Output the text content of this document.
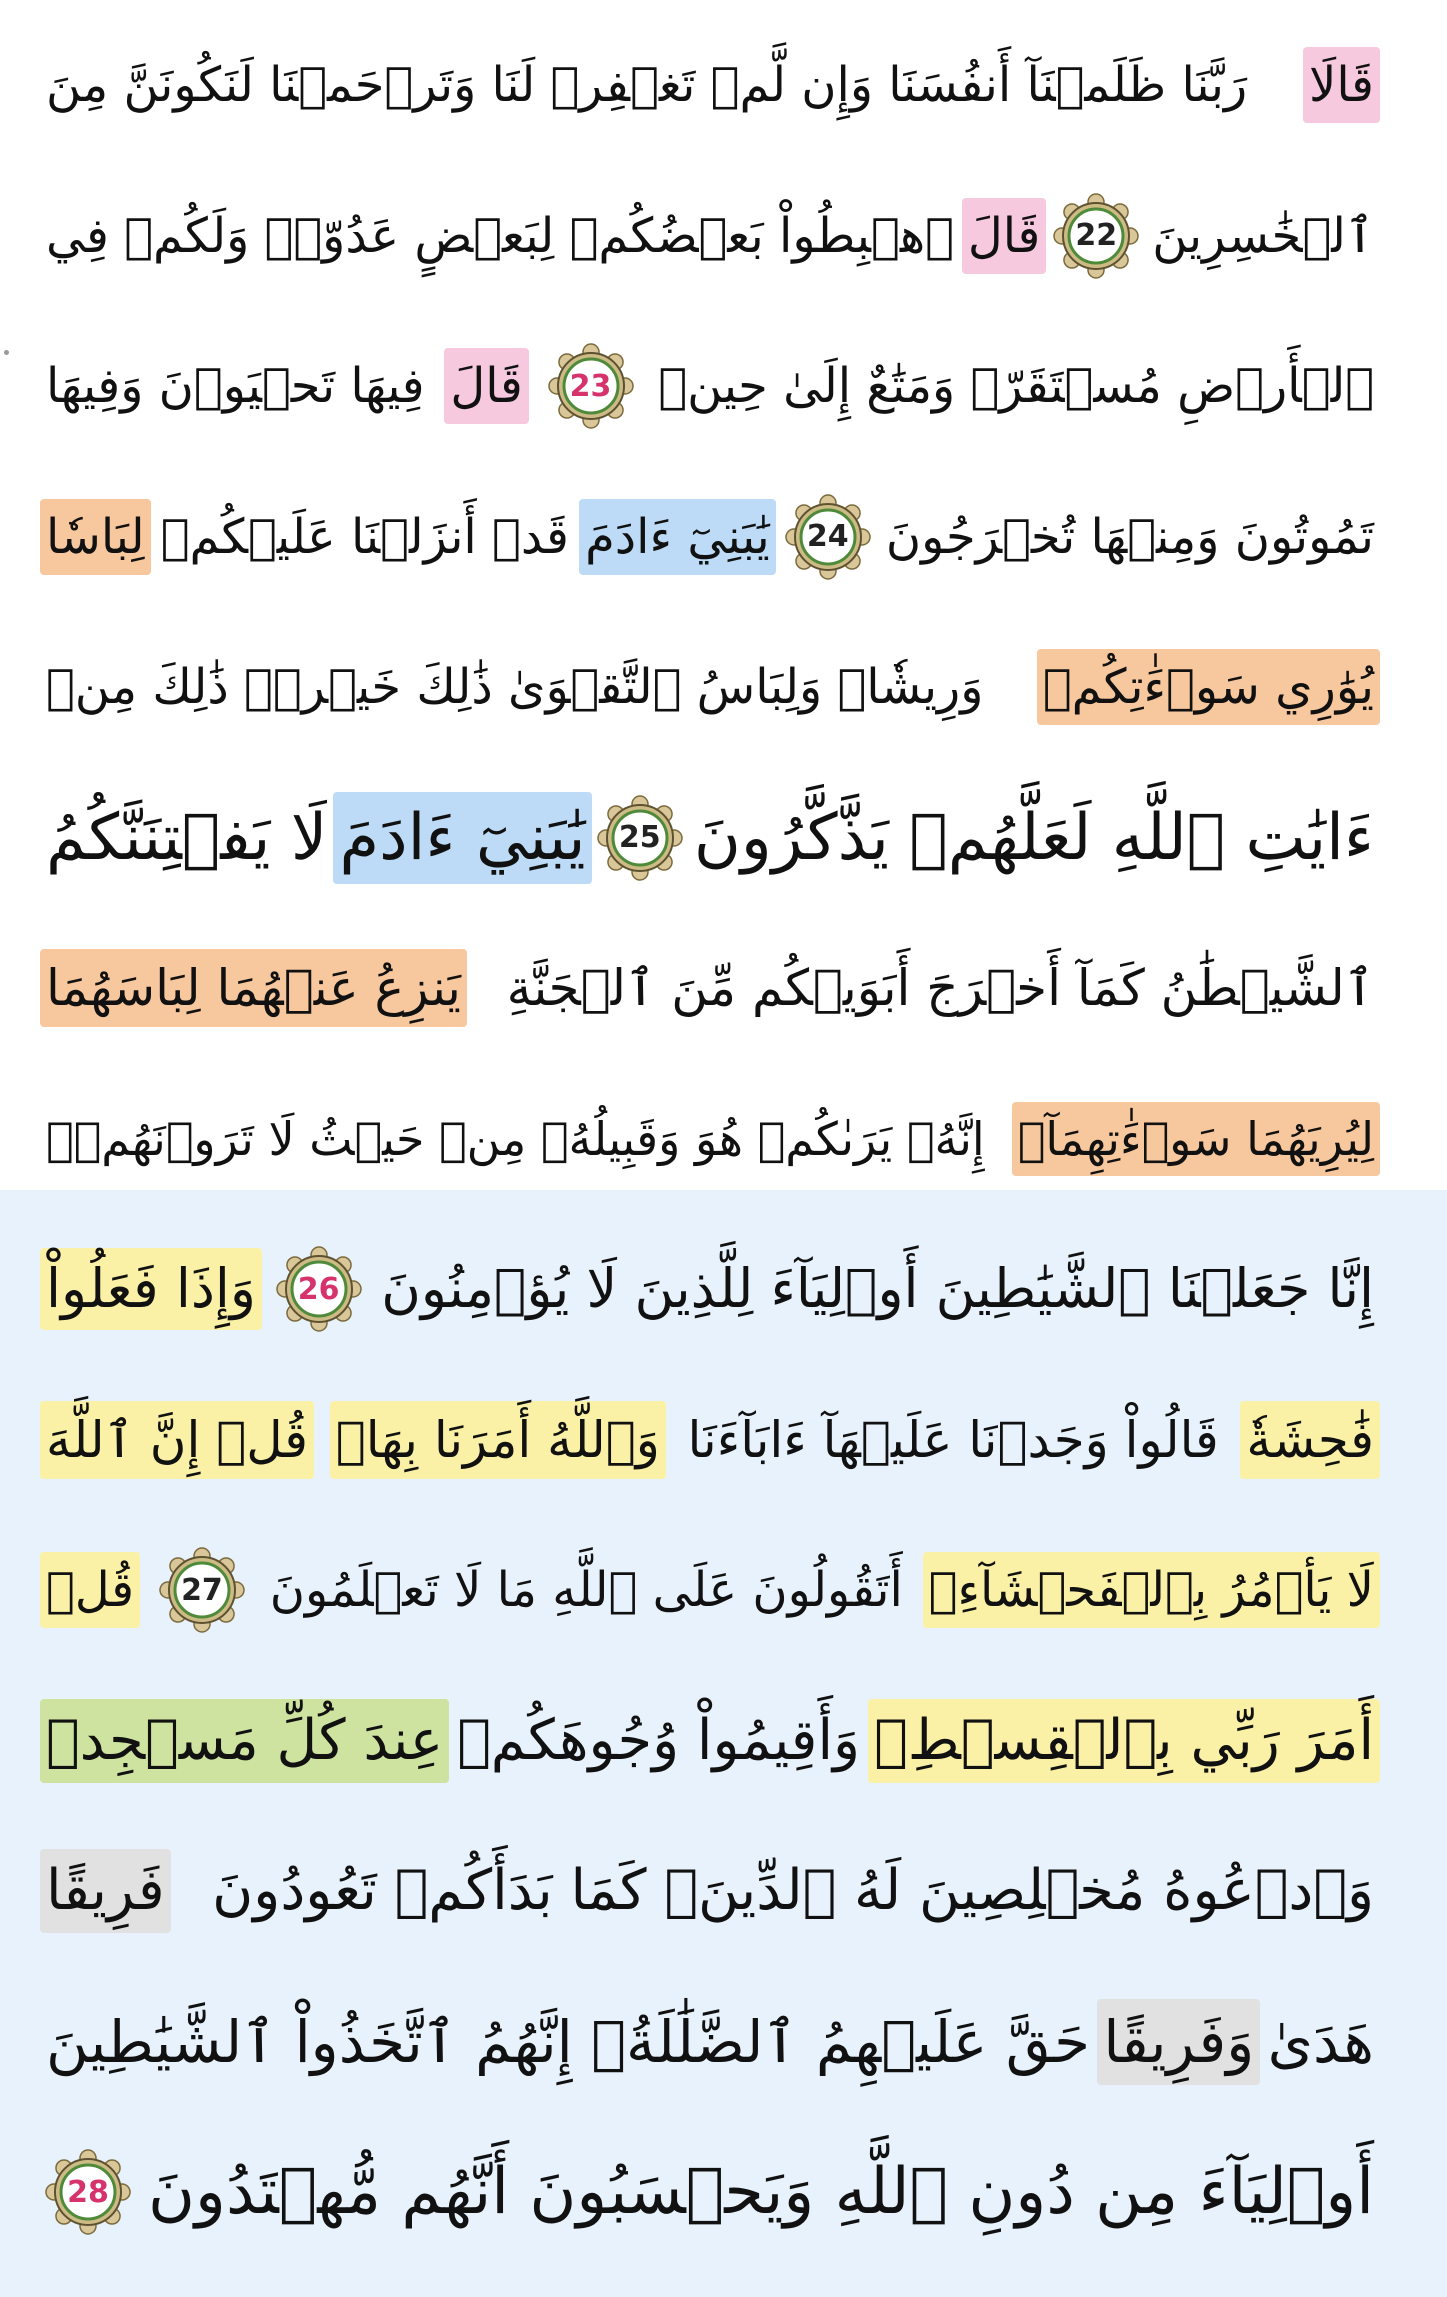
قَالَا
رَبَّنَا ظَلَمۡنَآ أَنفُسَنَا وَإِن لَّمۡ تَغۡفِرۡ لَنَا وَتَرۡحَمۡنَا لَنَكُونَنَّ مِنَ
ٱلۡخَٰسِرِينَ
22
قَالَ
ٱهۡبِطُواْ بَعۡضُكُمۡ لِبَعۡضٍ عَدُوّٞۖ وَلَكُمۡ فِي
ٱلۡأَرۡضِ مُسۡتَقَرّٞ وَمَتَٰعٌ إِلَىٰ حِينٖ
23
قَالَ
فِيهَا تَحۡيَوۡنَ وَفِيهَا
تَمُوتُونَ وَمِنۡهَا تُخۡرَجُونَ
24
يَٰبَنِيٓ ءَادَمَ
قَدۡ أَنزَلۡنَا عَلَيۡكُمۡ
لِبَاسٗا
يُوَٰرِي سَوۡءَٰتِكُمۡ
وَرِيشٗاۖ وَلِبَاسُ ٱلتَّقۡوَىٰ ذَٰلِكَ خَيۡرٞۚ ذَٰلِكَ مِنۡ
ءَايَٰتِ ٱللَّهِ لَعَلَّهُمۡ يَذَّكَّرُونَ
25
يَٰبَنِيٓ ءَادَمَ
لَا يَفۡتِنَنَّكُمُ
ٱلشَّيۡطَٰنُ كَمَآ أَخۡرَجَ أَبَوَيۡكُم مِّنَ ٱلۡجَنَّةِ
يَنزِعُ عَنۡهُمَا لِبَاسَهُمَا
لِيُرِيَهُمَا سَوۡءَٰتِهِمَآۚ
إِنَّهُۥ يَرَىٰكُمۡ هُوَ وَقَبِيلُهُۥ مِنۡ حَيۡثُ لَا تَرَوۡنَهُمۡۗ
إِنَّا جَعَلۡنَا ٱلشَّيَٰطِينَ أَوۡلِيَآءَ لِلَّذِينَ لَا يُؤۡمِنُونَ
26
وَإِذَا فَعَلُواْ
فَٰحِشَةٗ
قَالُواْ وَجَدۡنَا عَلَيۡهَآ ءَابَآءَنَا
وَٱللَّهُ أَمَرَنَا بِهَاۗ
قُلۡ إِنَّ ٱللَّهَ
لَا يَأۡمُرُ بِٱلۡفَحۡشَآءِۖ
أَتَقُولُونَ عَلَى ٱللَّهِ مَا لَا تَعۡلَمُونَ
27
قُلۡ
أَمَرَ رَبِّي بِٱلۡقِسۡطِۖ
وَأَقِيمُواْ وُجُوهَكُمۡ
عِندَ كُلِّ مَسۡجِدٖ
وَٱدۡعُوهُ مُخۡلِصِينَ لَهُ ٱلدِّينَۚ كَمَا بَدَأَكُمۡ تَعُودُونَ
فَرِيقًا
هَدَىٰ
وَفَرِيقًا
حَقَّ عَلَيۡهِمُ ٱلضَّلَٰلَةُۚ إِنَّهُمُ ٱتَّخَذُواْ ٱلشَّيَٰطِينَ
أَوۡلِيَآءَ مِن دُونِ ٱللَّهِ وَيَحۡسَبُونَ أَنَّهُم مُّهۡتَدُونَ
28
